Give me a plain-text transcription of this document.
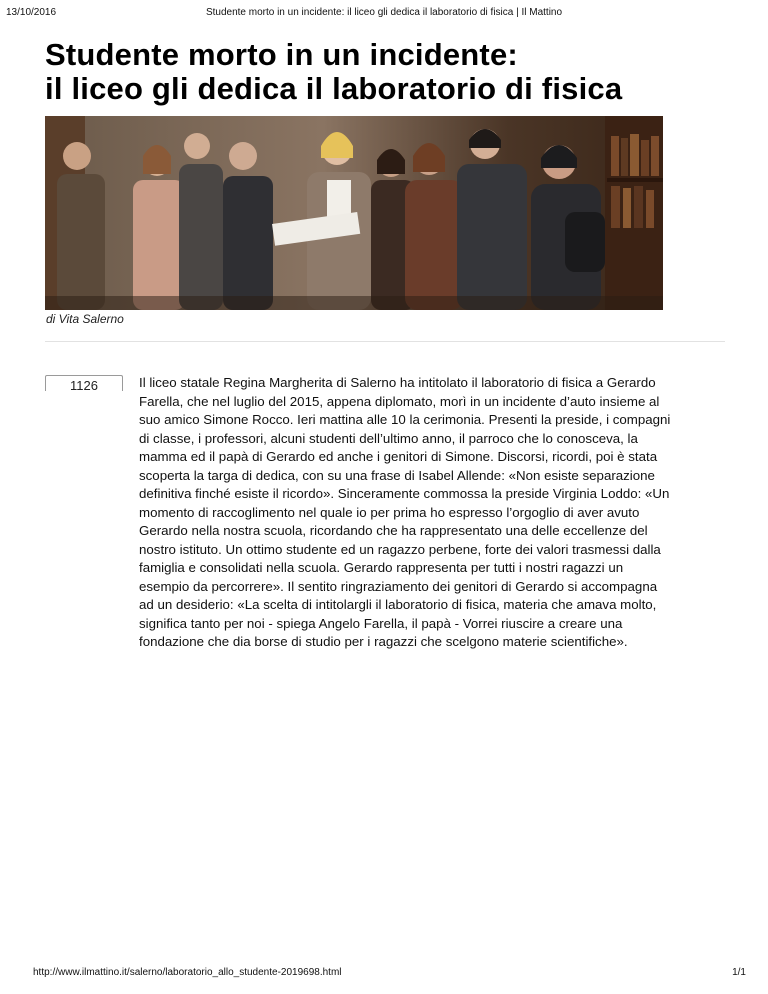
13/10/2016	Studente morto in un incidente: il liceo gli dedica il laboratorio di fisica | Il Mattino
Studente morto in un incidente:
il liceo gli dedica il laboratorio di fisica
di Vita Salerno
1126	Il liceo statale Regina Margherita di Salerno ha intitolato il laboratorio di fisica a Gerardo Farella, che nel luglio del 2015, appena diplomato, morì in un incidente d’auto insieme al suo amico Simone Rocco. Ieri mattina alle 10 la cerimonia. Presenti la preside, i compagni di classe, i professori, alcuni studenti dell’ultimo anno, il parroco che lo conosceva, la mamma ed il papà di Gerardo ed anche i genitori di Simone. Discorsi, ricordi, poi è stata scoperta la targa di dedica, con su una frase di Isabel Allende: «Non esiste separazione definitiva finché esiste il ricordo». Sinceramente commossa la preside Virginia Loddo: «Un momento di raccoglimento nel quale io per prima ho espresso l’orgoglio di aver avuto Gerardo nella nostra scuola, ricordando che ha rappresentato una delle eccellenze del nostro istituto. Un ottimo studente ed un ragazzo perbene, forte dei valori trasmessi dalla famiglia e consolidati nella scuola. Gerardo rappresenta per tutti i nostri ragazzi un esempio da percorrere». Il sentito ringraziamento dei genitori di Gerardo si accompagna ad un desiderio: «La scelta di intitolargli il laboratorio di fisica, materia che amava molto, significa tanto per noi - spiega Angelo Farella, il papà - Vorrei riuscire a creare una fondazione che dia borse di studio per i ragazzi che scelgono materie scientifiche».

http://www.ilmattino.it/salerno/laboratorio_allo_studente-2019698.html	1/1
